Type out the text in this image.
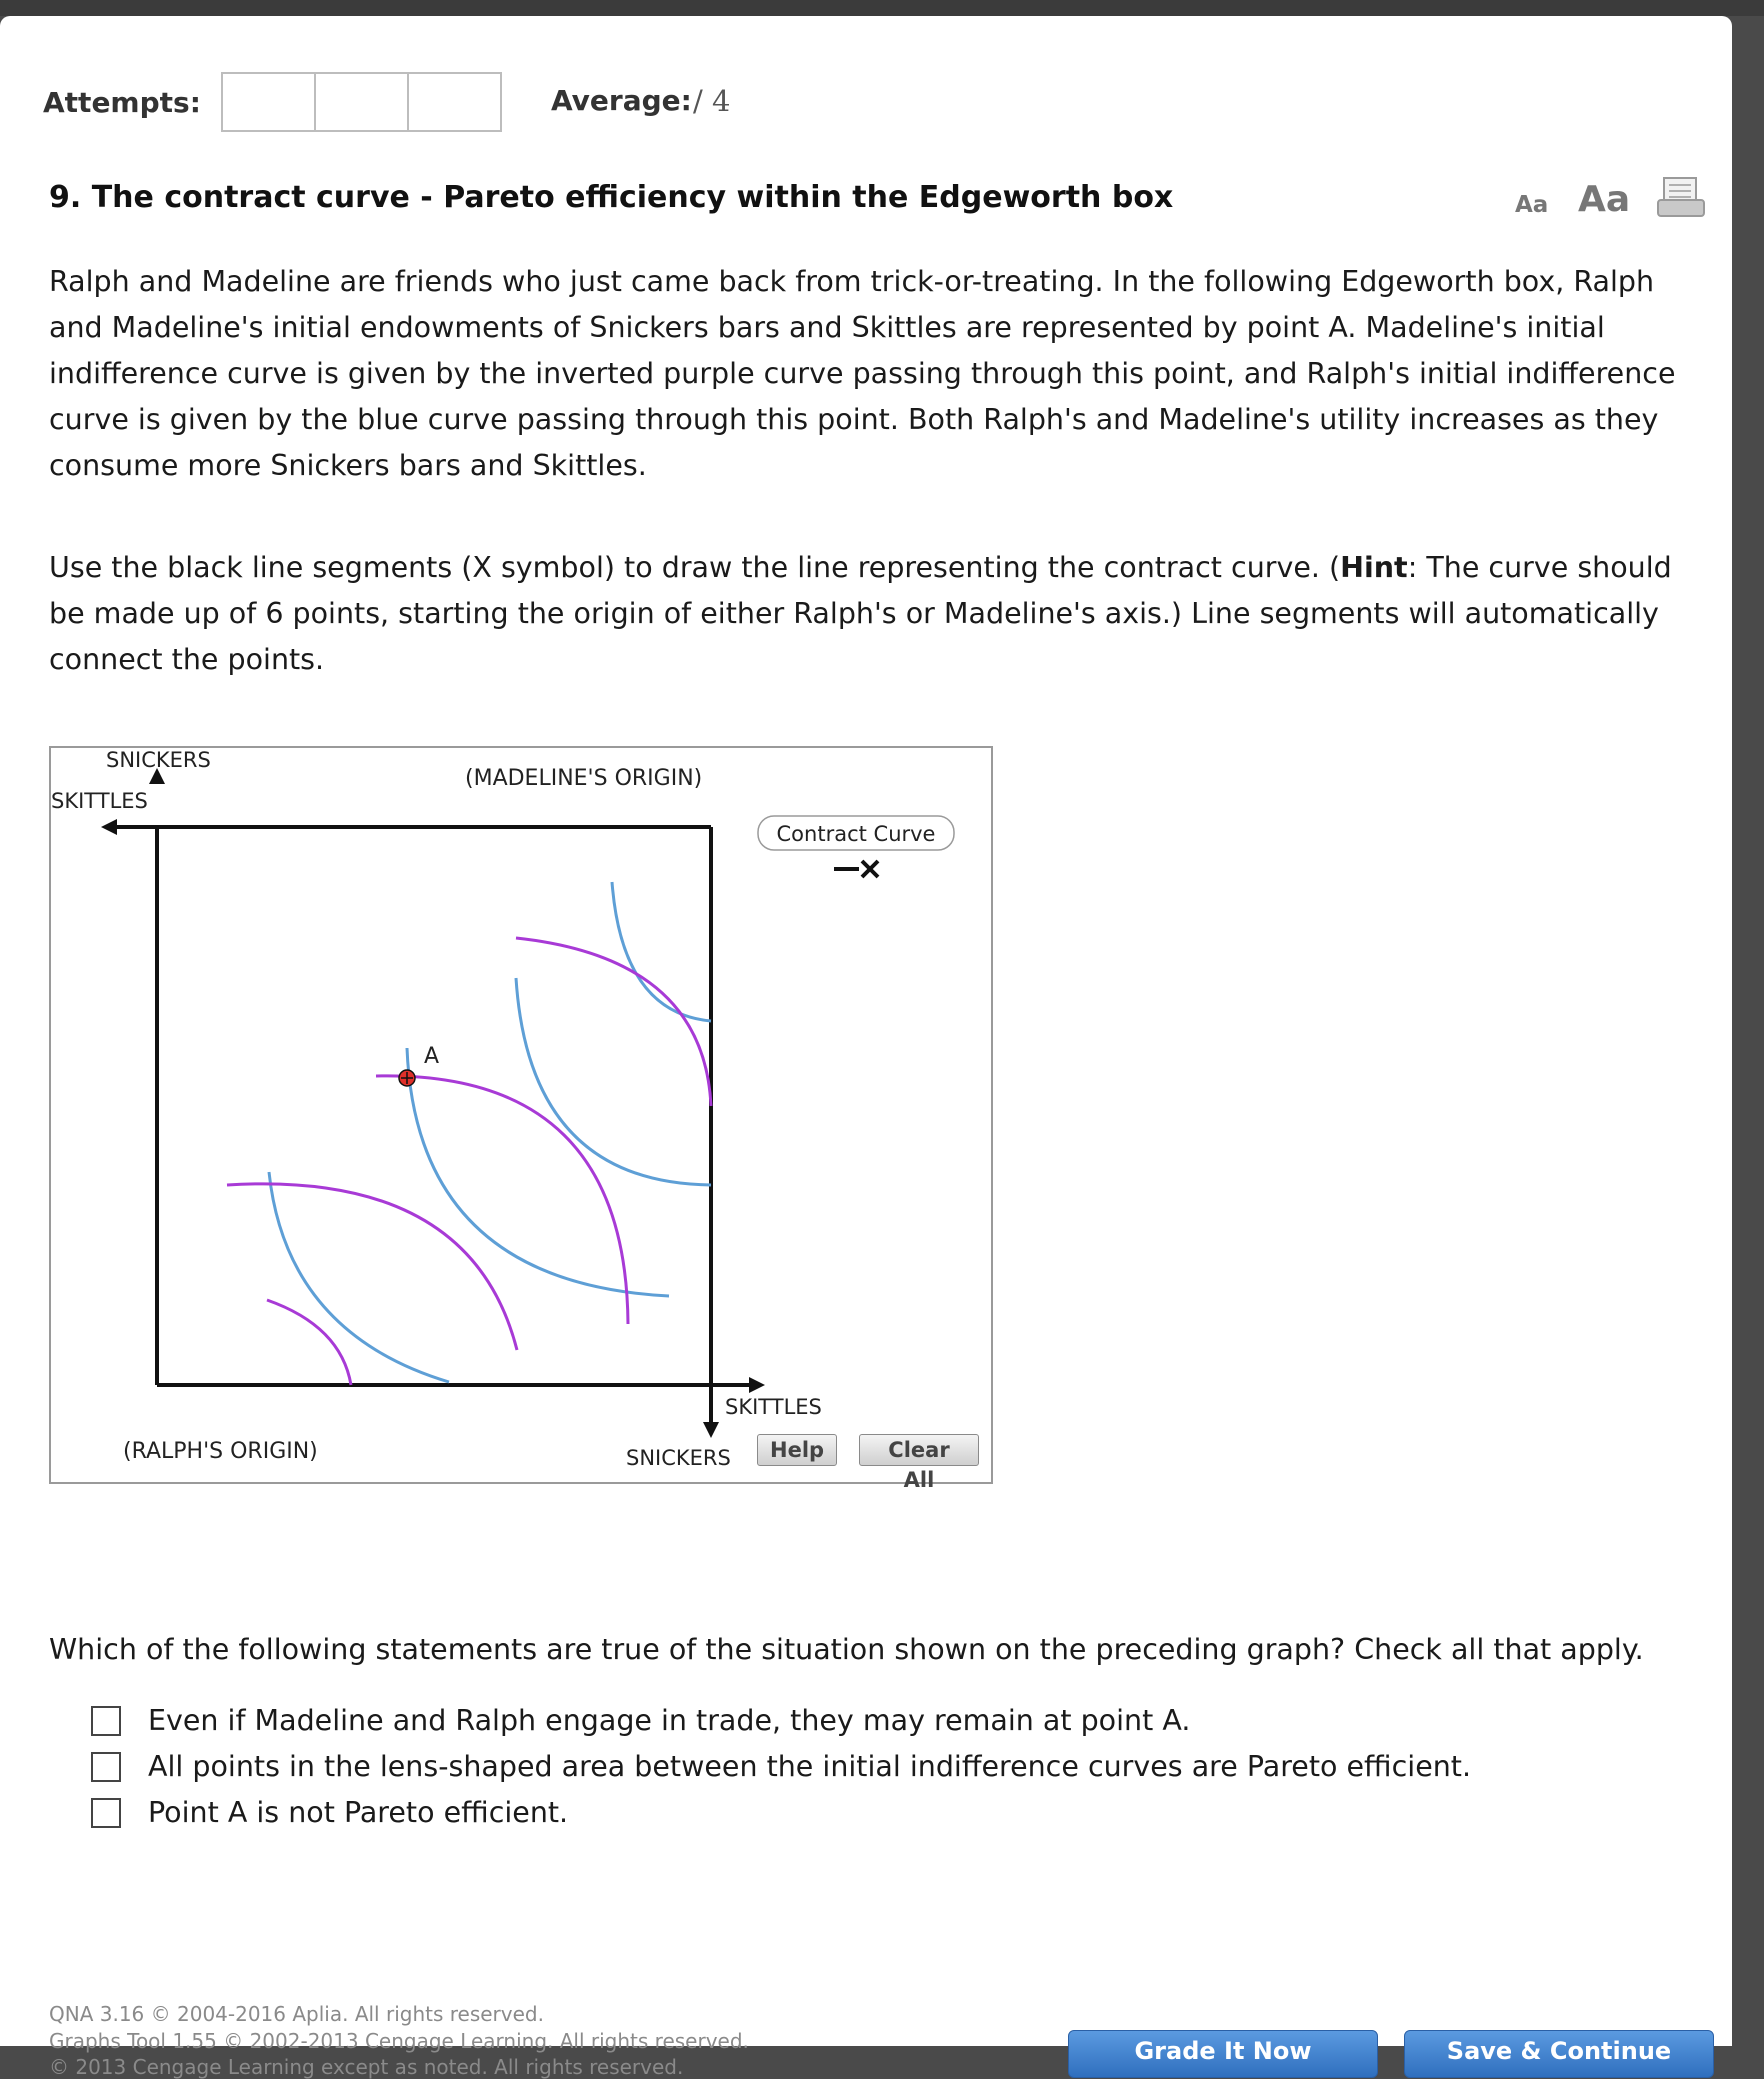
Attempts:	Average: / 4
9. The contract curve - Pareto efficiency within the Edgeworth box	Aa Aa
Ralph and Madeline are friends who just came back from trick-or-treating. In the following Edgeworth box, Ralph and Madeline's initial endowments of Snickers bars and Skittles are represented by point A. Madeline's initial indifference curve is given by the inverted purple curve passing through this point, and Ralph's initial indifference curve is given by the blue curve passing through this point. Both Ralph's and Madeline's utility increases as they consume more Snickers bars and Skittles.
Use the black line segments (X symbol) to draw the line representing the contract curve. (Hint: The curve should be made up of 6 points, starting the origin of either Ralph's or Madeline's axis.) Line segments will automatically connect the points.
A
SNICKERS
SKITTLES
(MADELINE'S ORIGIN)
SKITTLES
SNICKERS
(RALPH'S ORIGIN)
Contract Curve
Help	Clear All
Which of the following statements are true of the situation shown on the preceding graph? Check all that apply.
Even if Madeline and Ralph engage in trade, they may remain at point A.
All points in the lens-shaped area between the initial indifference curves are Pareto efficient.
Point A is not Pareto efficient.
QNA 3.16 © 2004-2016 Aplia. All rights reserved.
Graphs Tool 1.55 © 2002-2013 Cengage Learning. All rights reserved.
© 2013 Cengage Learning except as noted. All rights reserved.
Grade It Now	Save & Continue
